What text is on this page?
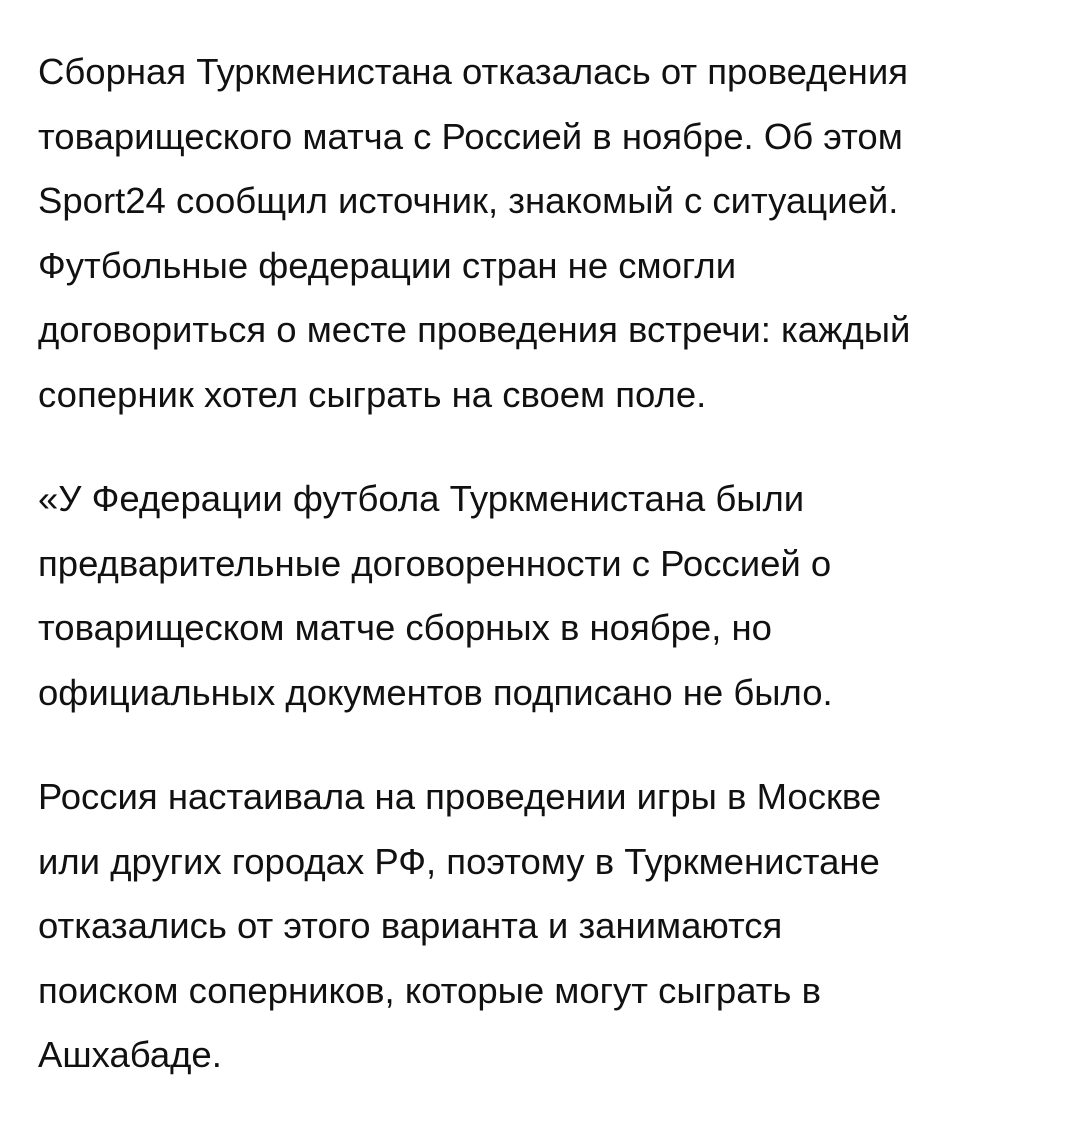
Сборная Туркменистана отказалась от проведения
товарищеского матча с Россией в ноябре. Об этом
Sport24 сообщил источник, знакомый с ситуацией.
Футбольные федерации стран не смогли
договориться о месте проведения встречи: каждый
соперник хотел сыграть на своем поле.

«У Федерации футбола Туркменистана были
предварительные договоренности с Россией о
товарищеском матче сборных в ноябре, но
официальных документов подписано не было.

Россия настаивала на проведении игры в Москве
или других городах РФ, поэтому в Туркменистане
отказались от этого варианта и занимаются
поиском соперников, которые могут сыграть в
Ашхабаде.
